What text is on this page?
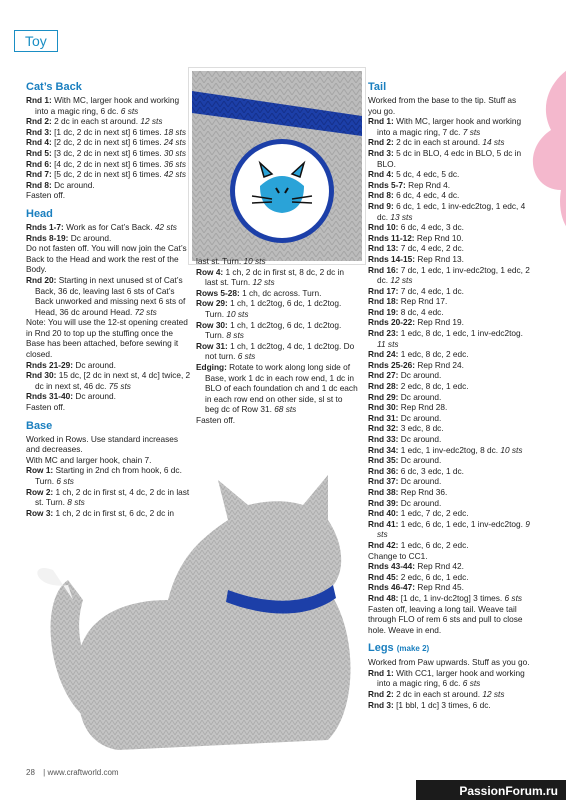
Toy

Cat’s Back

Rnd 1: With MC, larger hook and working into a magic ring, 6 dc. 6 sts

Rnd 2: 2 dc in each st around. 12 sts

Rnd 3: [1 dc, 2 dc in next st] 6 times. 18 sts

Rnd 4: [2 dc, 2 dc in next st] 6 times. 24 sts

Rnd 5: [3 dc, 2 dc in next st] 6 times. 30 sts

Rnd 6: [4 dc, 2 dc in next st] 6 times. 36 sts

Rnd 7: [5 dc, 2 dc in next st] 6 times. 42 sts

Rnd 8: Dc around.

Fasten off.

Head

Rnds 1-7: Work as for Cat’s Back. 42 sts

Rnds 8-19: Dc around.

Do not fasten off. You will now join the Cat’s Back to the Head and work the rest of the Body.

Rnd 20: Starting in next unused st of Cat’s Back, 36 dc, leaving last 6 sts of Cat’s Back unworked and missing next 6 sts of Head, 36 dc around Head. 72 sts

Note: You will use the 12-st opening created in Rnd 20 to top up the stuffing once the Base has been attached, before sewing it closed.

Rnds 21-29: Dc around.

Rnd 30: 15 dc, [2 dc in next st, 4 dc] twice, 2 dc in next st, 46 dc. 75 sts

Rnds 31-40: Dc around.

Fasten off.

Base

Worked in Rows. Use standard increases and decreases.

With MC and larger hook, chain 7.

Row 1: Starting in 2nd ch from hook, 6 dc. Turn. 6 sts

Row 2: 1 ch, 2 dc in first st, 4 dc, 2 dc in last st. Turn. 8 sts

Row 3: 1 ch, 2 dc in first st, 6 dc, 2 dc in

last st. Turn. 10 sts

Row 4: 1 ch, 2 dc in first st, 8 dc, 2 dc in last st. Turn. 12 sts

Rows 5-28: 1 ch, dc across. Turn.

Row 29: 1 ch, 1 dc2tog, 6 dc, 1 dc2tog. Turn. 10 sts

Row 30: 1 ch, 1 dc2tog, 6 dc, 1 dc2tog. Turn. 8 sts

Row 31: 1 ch, 1 dc2tog, 4 dc, 1 dc2tog. Do not turn. 6 sts

Edging: Rotate to work along long side of Base, work 1 dc in each row end, 1 dc in BLO of each foundation ch and 1 dc each in each row end on other side, sl st to beg dc of Row 31. 68 sts

Fasten off.

Tail

Worked from the base to the tip. Stuff as you go.

Rnd 1: With MC, larger hook and working into a magic ring, 7 dc. 7 sts

Rnd 2: 2 dc in each st around. 14 sts

Rnd 3: 5 dc in BLO, 4 edc in BLO, 5 dc in BLO.

Rnd 4: 5 dc, 4 edc, 5 dc.

Rnds 5-7: Rep Rnd 4.

Rnd 8: 6 dc, 4 edc, 4 dc.

Rnd 9: 6 dc, 1 edc, 1 inv-edc2tog, 1 edc, 4 dc. 13 sts

Rnd 10: 6 dc, 4 edc, 3 dc.

Rnds 11-12: Rep Rnd 10.

Rnd 13: 7 dc, 4 edc, 2 dc.

Rnds 14-15: Rep Rnd 13.

Rnd 16: 7 dc, 1 edc, 1 inv-edc2tog, 1 edc, 2 dc. 12 sts

Rnd 17: 7 dc, 4 edc, 1 dc.

Rnd 18: Rep Rnd 17.

Rnd 19: 8 dc, 4 edc.

Rnds 20-22: Rep Rnd 19.

Rnd 23: 1 edc, 8 dc, 1 edc, 1 inv-edc2tog. 11 sts

Rnd 24: 1 edc, 8 dc, 2 edc.

Rnds 25-26: Rep Rnd 24.

Rnd 27: Dc around.

Rnd 28: 2 edc, 8 dc, 1 edc.

Rnd 29: Dc around.

Rnd 30: Rep Rnd 28.

Rnd 31: Dc around.

Rnd 32: 3 edc, 8 dc.

Rnd 33: Dc around.

Rnd 34: 1 edc, 1 inv-edc2tog, 8 dc. 10 sts

Rnd 35: Dc around.

Rnd 36: 6 dc, 3 edc, 1 dc.

Rnd 37: Dc around.

Rnd 38: Rep Rnd 36.

Rnd 39: Dc around.

Rnd 40: 1 edc, 7 dc, 2 edc.

Rnd 41: 1 edc, 6 dc, 1 edc, 1 inv-edc2tog. 9 sts

Rnd 42: 1 edc, 6 dc, 2 edc.

Change to CC1.

Rnds 43-44: Rep Rnd 42.

Rnd 45: 2 edc, 6 dc, 1 edc.

Rnds 46-47: Rep Rnd 45.

Rnd 48: [1 dc, 1 inv-dc2tog] 3 times. 6 sts

Fasten off, leaving a long tail. Weave tail through FLO of rem 6 sts and pull to close hole. Weave in end.

Legs (make 2)

Worked from Paw upwards. Stuff as you go.

Rnd 1: With CC1, larger hook and working into a magic ring, 6 dc. 6 sts

Rnd 2: 2 dc in each st around. 12 sts

Rnd 3: [1 bbl, 1 dc] 3 times, 6 dc.

28 | www.craftworld.com
PassionForum.ru
